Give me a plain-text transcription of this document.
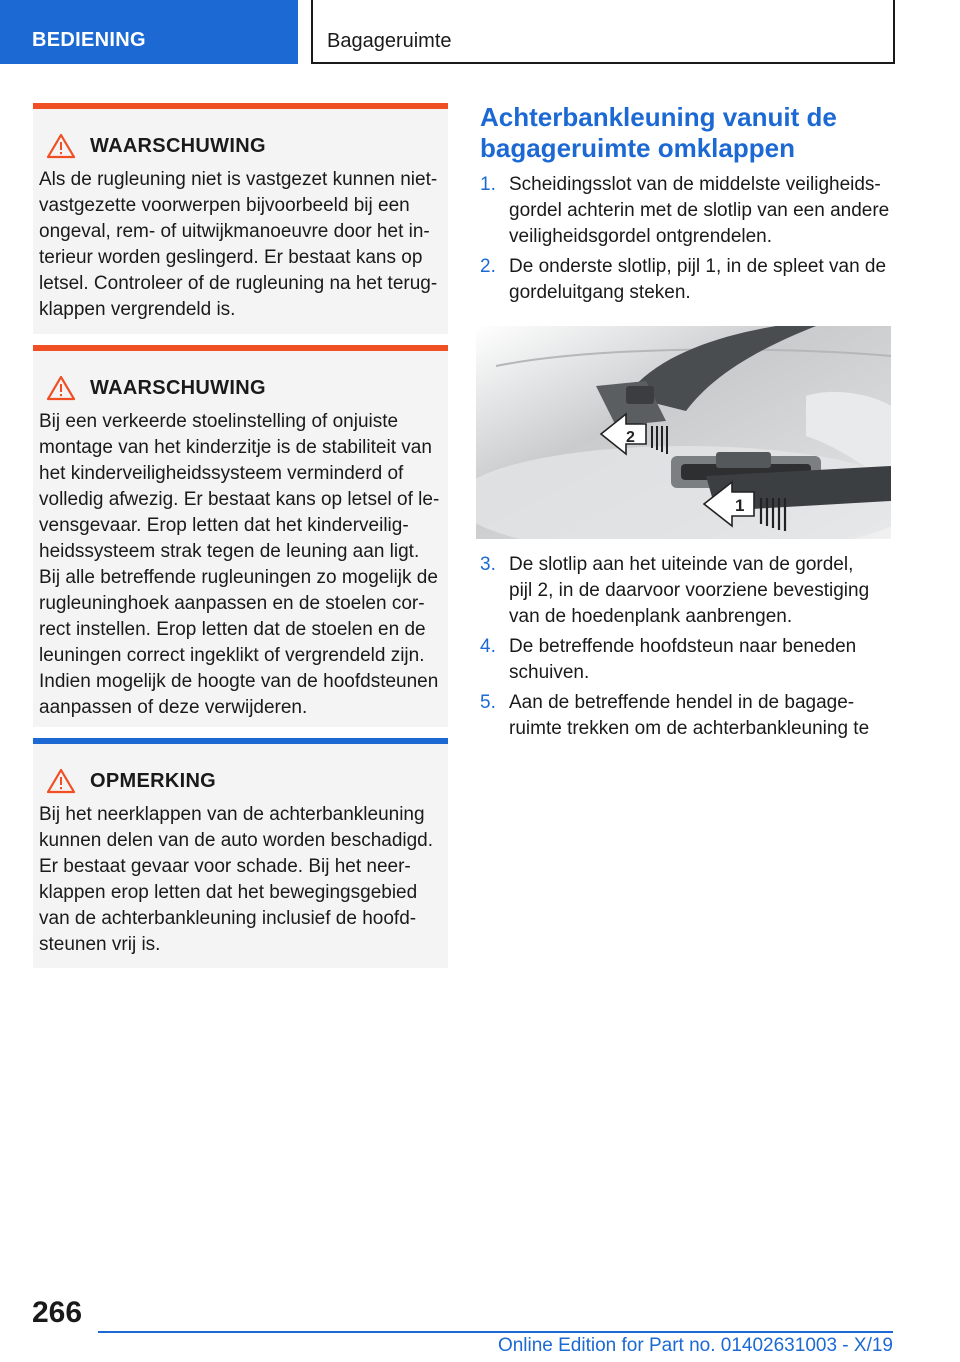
BEDIENING	Bagageruimte
WAARSCHUWING
Als de rugleuning niet is vastgezet kunnen niet-
vastgezette voorwerpen bijvoorbeeld bij een
ongeval, rem- of uitwijkmanoeuvre door het in-
terieur worden geslingerd. Er bestaat kans op
letsel. Controleer of de rugleuning na het terug-
klappen vergrendeld is.
WAARSCHUWING
Bij een verkeerde stoelinstelling of onjuiste
montage van het kinderzitje is de stabiliteit van
het kinderveiligheidssysteem verminderd of
volledig afwezig. Er bestaat kans op letsel of le-
vensgevaar. Erop letten dat het kinderveilig-
heidssysteem strak tegen de leuning aan ligt.
Bij alle betreffende rugleuningen zo mogelijk de
rugleuninghoek aanpassen en de stoelen cor-
rect instellen. Erop letten dat de stoelen en de
leuningen correct ingeklikt of vergrendeld zijn.
Indien mogelijk de hoogte van de hoofdsteunen
aanpassen of deze verwijderen.
OPMERKING
Bij het neerklappen van de achterbankleuning
kunnen delen van de auto worden beschadigd.
Er bestaat gevaar voor schade. Bij het neer-
klappen erop letten dat het bewegingsgebied
van de achterbankleuning inclusief de hoofd-
steunen vrij is.
Achterbankleuning vanuit de
bagageruimte omklappen
1. Scheidingsslot van de middelste veiligheids-
gordel achterin met de slotlip van een andere
veiligheidsgordel ontgrendelen.
2. De onderste slotlip, pijl 1, in de spleet van de
gordeluitgang steken.
2
1
3. De slotlip aan het uiteinde van de gordel,
pijl 2, in de daarvoor voorziene bevestiging
van de hoedenplank aanbrengen.
4. De betreffende hoofdsteun naar beneden
schuiven.
5. Aan de betreffende hendel in de bagage-
ruimte trekken om de achterbankleuning te
266
Online Edition for Part no. 01402631003 - X/19
